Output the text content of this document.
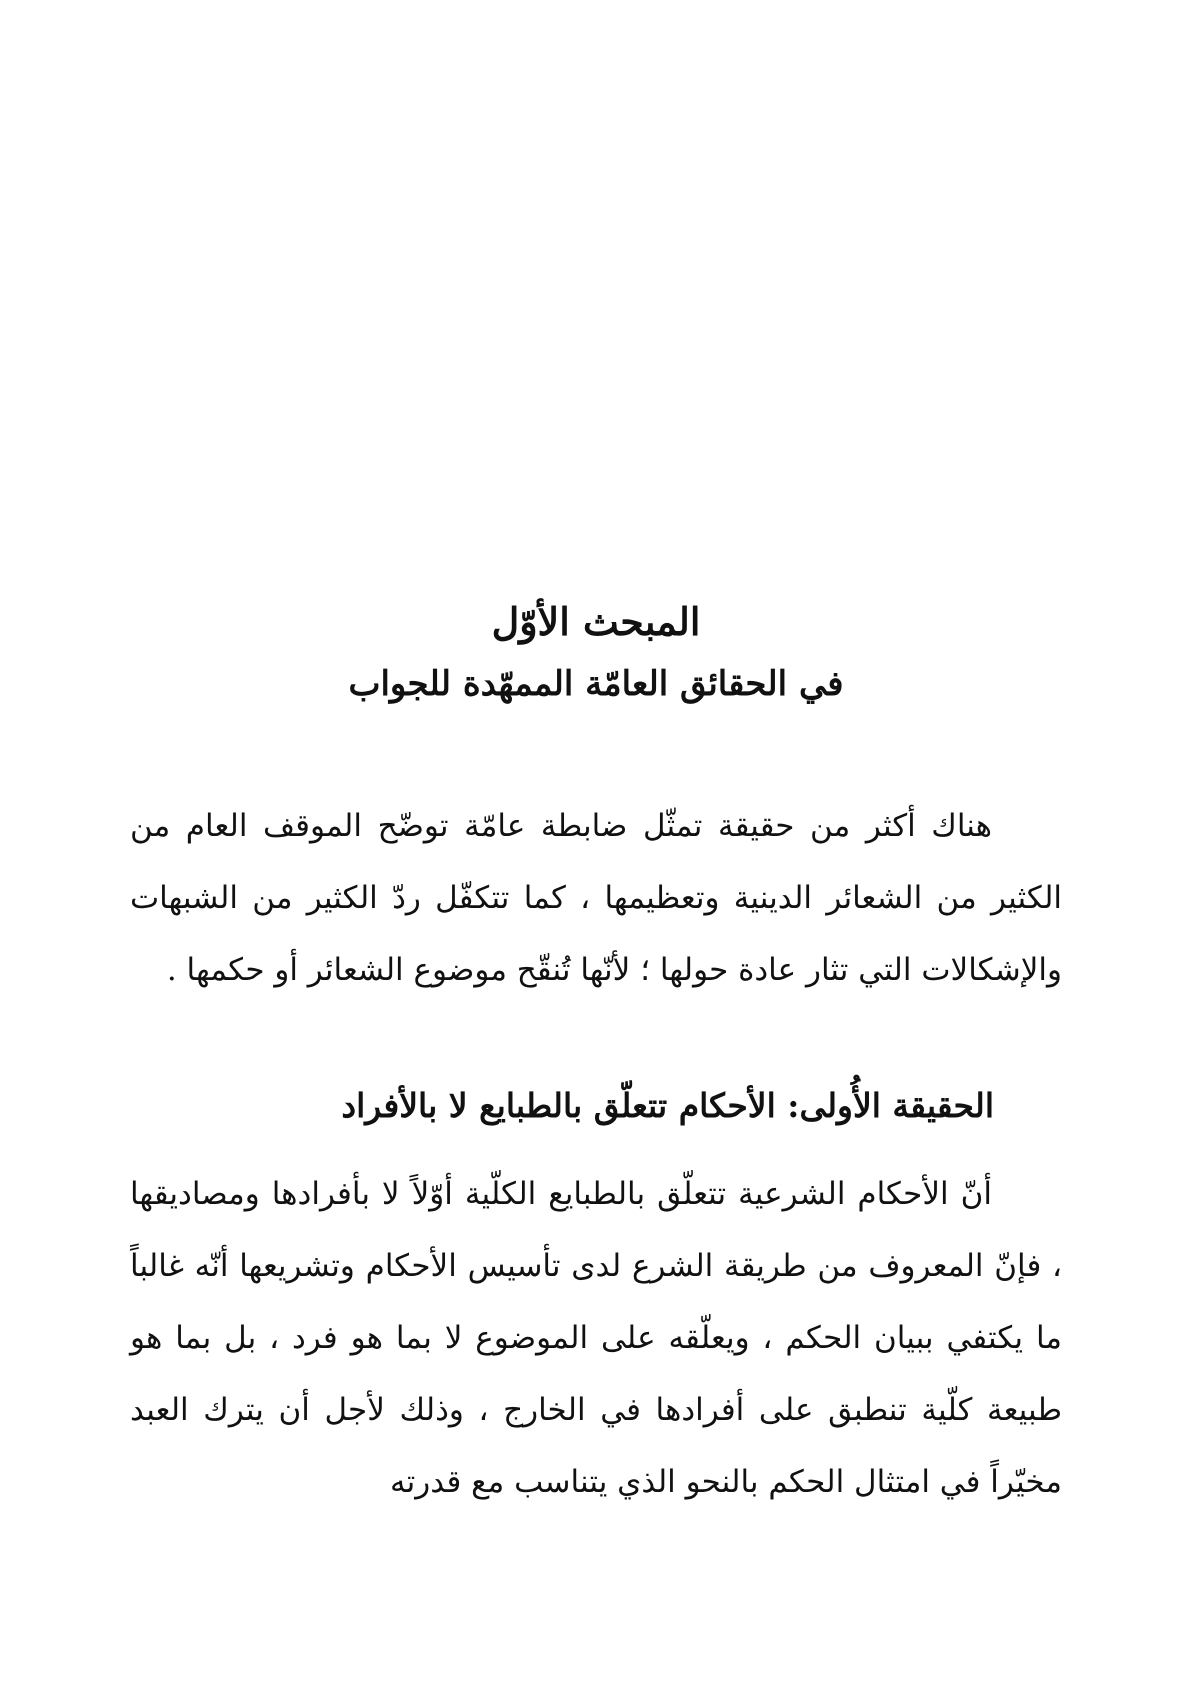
المبحث الأوّل
في الحقائق العامّة الممهّدة للجواب

هناك أكثر من حقيقة تمثّل ضابطة عامّة توضّح الموقف العام من الكثير من الشعائر الدينية وتعظيمها ، كما تتكفّل ردّ الكثير من الشبهات والإشكالات التي تثار عادة حولها ؛ لأنّها تُنقّح موضوع الشعائر أو حكمها .

الحقيقة الأُولى: الأحكام تتعلّق بالطبايع لا بالأفراد

أنّ الأحكام الشرعية تتعلّق بالطبايع الكلّية أوّلاً لا بأفرادها ومصاديقها ، فإنّ المعروف من طريقة الشرع لدى تأسيس الأحكام وتشريعها أنّه غالباً ما يكتفي ببيان الحكم ، ويعلّقه على الموضوع لا بما هو فرد ، بل بما هو طبيعة كلّية تنطبق على أفرادها في الخارج ، وذلك لأجل أن يترك العبد مخيّراً في امتثال الحكم بالنحو الذي يتناسب مع قدرته
